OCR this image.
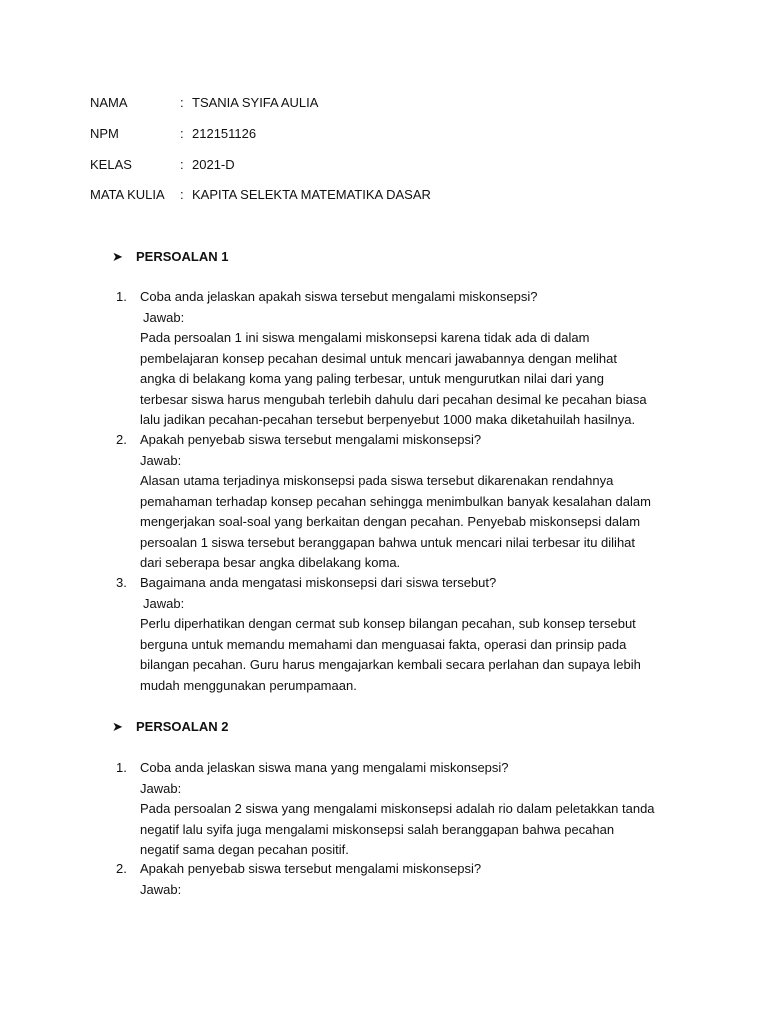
NAMA	: TSANIA SYIFA AULIA
NPM	: 212151126
KELAS	: 2021-D
MATA KULIA : KAPITA SELEKTA MATEMATIKA DASAR
➤ PERSOALAN 1
1. Coba anda jelaskan apakah siswa tersebut mengalami miskonsepsi?
Jawab:
Pada persoalan 1 ini siswa mengalami miskonsepsi karena tidak ada di dalam
pembelajaran konsep pecahan desimal untuk mencari jawabannya dengan melihat
angka di belakang koma yang paling terbesar, untuk mengurutkan nilai dari yang
terbesar siswa harus mengubah terlebih dahulu dari pecahan desimal ke pecahan biasa
lalu jadikan pecahan-pecahan tersebut berpenyebut 1000 maka diketahuilah hasilnya.
2. Apakah penyebab siswa tersebut mengalami miskonsepsi?
Jawab:
Alasan utama terjadinya miskonsepsi pada siswa tersebut dikarenakan rendahnya
pemahaman terhadap konsep pecahan sehingga menimbulkan banyak kesalahan dalam
mengerjakan soal-soal yang berkaitan dengan pecahan. Penyebab miskonsepsi dalam
persoalan 1 siswa tersebut beranggapan bahwa untuk mencari nilai terbesar itu dilihat
dari seberapa besar angka dibelakang koma.
3. Bagaimana anda mengatasi miskonsepsi dari siswa tersebut?
Jawab:
Perlu diperhatikan dengan cermat sub konsep bilangan pecahan, sub konsep tersebut
berguna untuk memandu memahami dan menguasai fakta, operasi dan prinsip pada
bilangan pecahan. Guru harus mengajarkan kembali secara perlahan dan supaya lebih
mudah menggunakan perumpamaan.
➤ PERSOALAN 2
1. Coba anda jelaskan siswa mana yang mengalami miskonsepsi?
Jawab:
Pada persoalan 2 siswa yang mengalami miskonsepsi adalah rio dalam peletakkan tanda
negatif lalu syifa juga mengalami miskonsepsi salah beranggapan bahwa pecahan
negatif sama degan pecahan positif.
2. Apakah penyebab siswa tersebut mengalami miskonsepsi?
Jawab:
